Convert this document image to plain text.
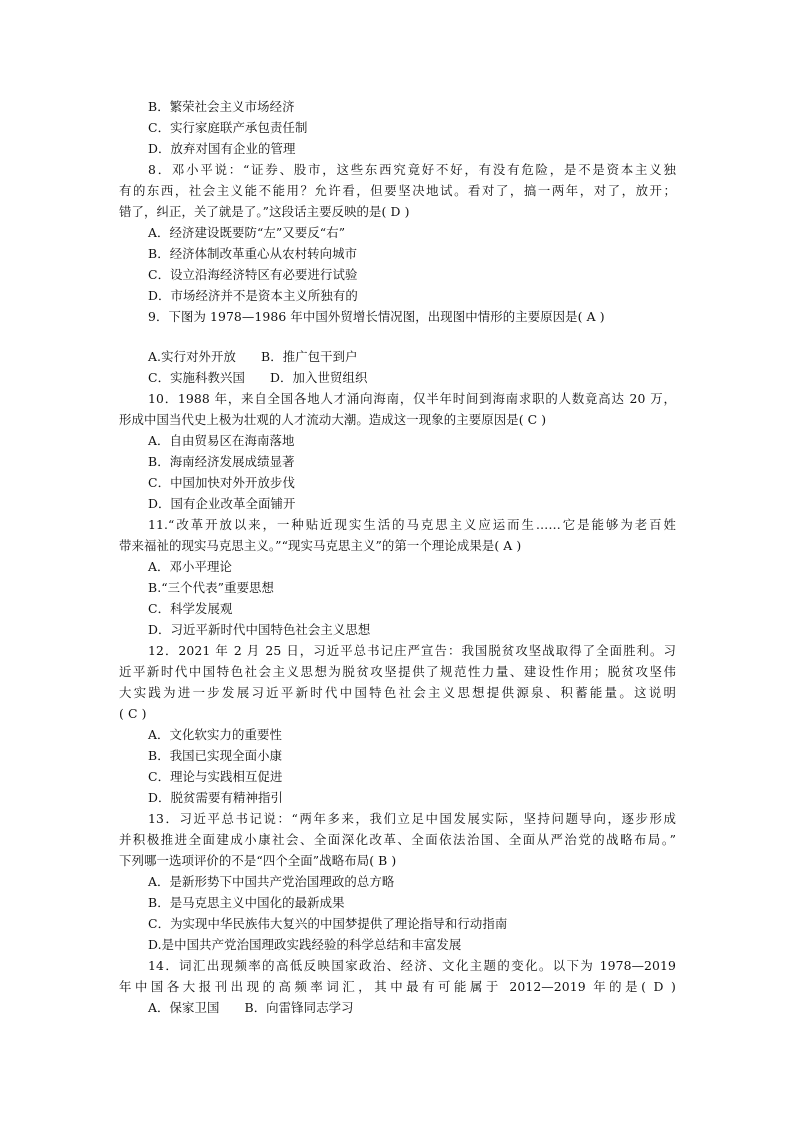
B．繁荣社会主义市场经济
C．实行家庭联产承包责任制
D．放弃对国有企业的管理
8．邓小平说：“证券、股市，这些东西究竟好不好，有没有危险，是不是资本主义独
有的东西，社会主义能不能用？允许看，但要坚决地试。看对了，搞一两年，对了，放开；
错了，纠正，关了就是了。”这段话主要反映的是( D )
A．经济建设既要防“左”又要反“右”
B．经济体制改革重心从农村转向城市
C．设立沿海经济特区有必要进行试验
D．市场经济并不是资本主义所独有的
9．下图为 1978—1986 年中国外贸增长情况图，出现图中情形的主要原因是( A )
A.实行对外开放　　B．推广包干到户
C．实施科教兴国　　D．加入世贸组织
10．1988 年，来自全国各地人才涌向海南，仅半年时间到海南求职的人数竟高达 20 万，
形成中国当代史上极为壮观的人才流动大潮。造成这一现象的主要原因是( C )
A．自由贸易区在海南落地
B．海南经济发展成绩显著
C．中国加快对外开放步伐
D．国有企业改革全面铺开
11.“改革开放以来，一种贴近现实生活的马克思主义应运而生……它是能够为老百姓
带来福祉的现实马克思主义。”“现实马克思主义”的第一个理论成果是( A )
A．邓小平理论
B.“三个代表”重要思想
C．科学发展观
D．习近平新时代中国特色社会主义思想
12．2021 年 2 月 25 日，习近平总书记庄严宣告：我国脱贫攻坚战取得了全面胜利。习
近平新时代中国特色社会主义思想为脱贫攻坚提供了规范性力量、建设性作用；脱贫攻坚伟
大实践为进一步发展习近平新时代中国特色社会主义思想提供源泉、积蓄能量。这说明
( C )
A．文化软实力的重要性
B．我国已实现全面小康
C．理论与实践相互促进
D．脱贫需要有精神指引
13．习近平总书记说：“两年多来，我们立足中国发展实际，坚持问题导向，逐步形成
并积极推进全面建成小康社会、全面深化改革、全面依法治国、全面从严治党的战略布局。”
下列哪一选项评价的不是“四个全面”战略布局( B )
A．是新形势下中国共产党治国理政的总方略
B．是马克思主义中国化的最新成果
C．为实现中华民族伟大复兴的中国梦提供了理论指导和行动指南
D.是中国共产党治国理政实践经验的科学总结和丰富发展
14．词汇出现频率的高低反映国家政治、经济、文化主题的变化。以下为 1978—2019
年中国各大报刊出现的高频率词汇，其中最有可能属于 2012—2019 年的是( D )
A．保家卫国　　B．向雷锋同志学习
